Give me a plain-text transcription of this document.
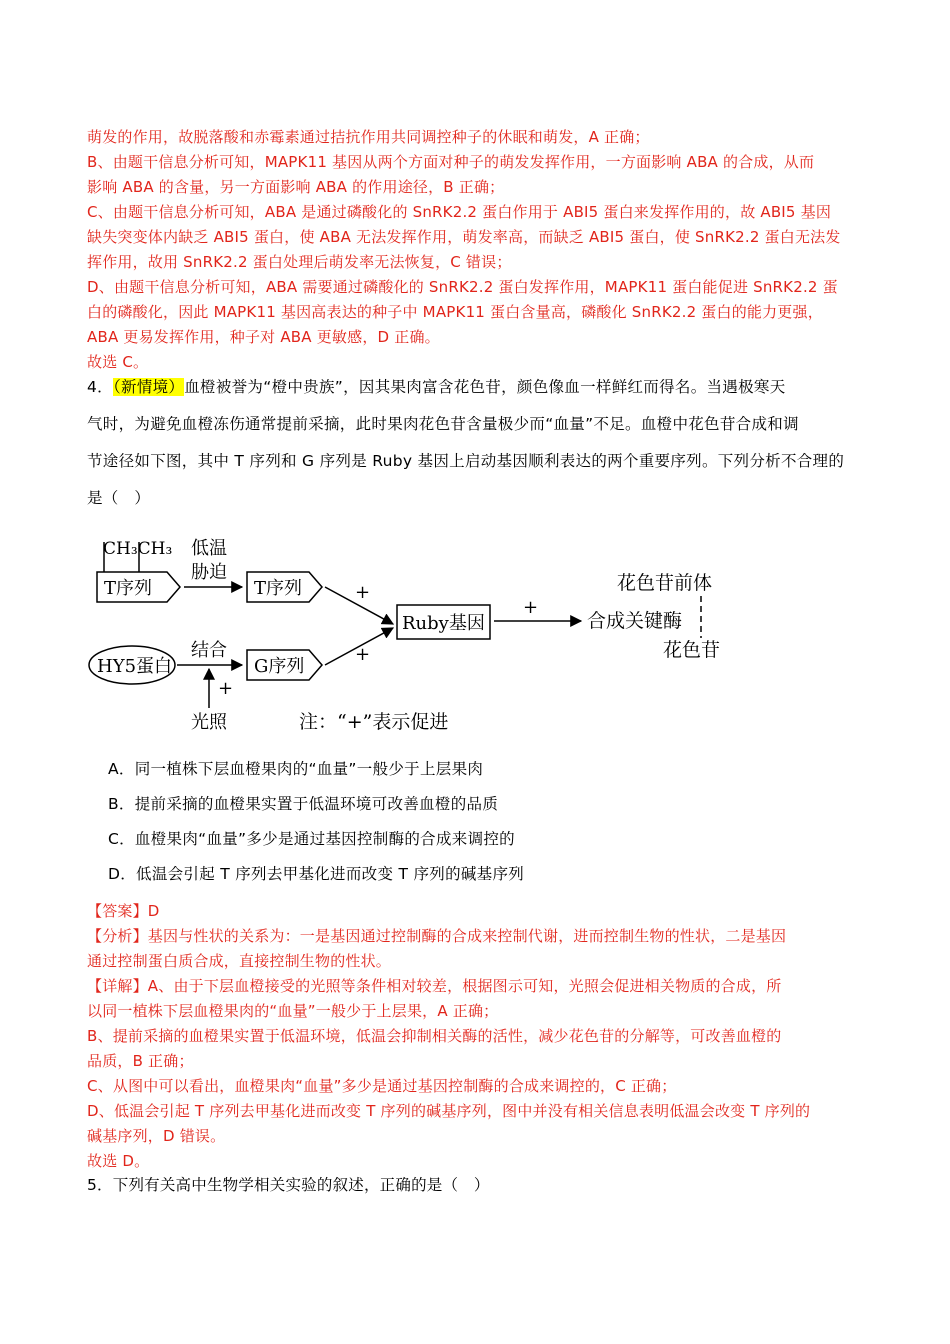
萌发的作用，故脱落酸和赤霉素通过拮抗作用共同调控种子的休眠和萌发，A 正确；
B、由题干信息分析可知，MAPK11 基因从两个方面对种子的萌发发挥作用，一方面影响 ABA 的合成，从而
影响 ABA 的含量，另一方面影响 ABA 的作用途径，B 正确；
C、由题干信息分析可知，ABA 是通过磷酸化的 SnRK2.2 蛋白作用于 ABI5 蛋白来发挥作用的，故 ABI5 基因
缺失突变体内缺乏 ABI5 蛋白，使 ABA 无法发挥作用，萌发率高，而缺乏 ABI5 蛋白，使 SnRK2.2 蛋白无法发
挥作用，故用 SnRK2.2 蛋白处理后萌发率无法恢复，C 错误；
D、由题干信息分析可知，ABA 需要通过磷酸化的 SnRK2.2 蛋白发挥作用，MAPK11 蛋白能促进 SnRK2.2 蛋
白的磷酸化，因此 MAPK11 基因高表达的种子中 MAPK11 蛋白含量高，磷酸化 SnRK2.2 蛋白的能力更强，
ABA 更易发挥作用，种子对 ABA 更敏感，D 正确。
故选 C。
4．（新情境）血橙被誉为“橙中贵族”，因其果肉富含花色苷，颜色像血一样鲜红而得名。当遇极寒天
气时，为避免血橙冻伤通常提前采摘，此时果肉花色苷含量极少而“血量”不足。血橙中花色苷合成和调
节途径如下图，其中 T 序列和 G 序列是 Ruby 基因上启动基因顺利表达的两个重要序列。下列分析不合理的
是（　）
CH₃CH₃
T序列
低温
胁迫
T序列
HY5蛋白
结合
G序列
+
光照
+
+
Ruby基因
+
合成关键酶
花色苷前体
花色苷
注：“+”表示促进
A．同一植株下层血橙果肉的“血量”一般少于上层果肉
B．提前采摘的血橙果实置于低温环境可改善血橙的品质
C．血橙果肉“血量”多少是通过基因控制酶的合成来调控的
D．低温会引起 T 序列去甲基化进而改变 T 序列的碱基序列
【答案】D
【分析】基因与性状的关系为：一是基因通过控制酶的合成来控制代谢，进而控制生物的性状，二是基因
通过控制蛋白质合成，直接控制生物的性状。
【详解】A、由于下层血橙接受的光照等条件相对较差，根据图示可知，光照会促进相关物质的合成，所
以同一植株下层血橙果肉的“血量”一般少于上层果，A 正确；
B、提前采摘的血橙果实置于低温环境，低温会抑制相关酶的活性，减少花色苷的分解等，可改善血橙的
品质，B 正确；
C、从图中可以看出，血橙果肉“血量”多少是通过基因控制酶的合成来调控的，C 正确；
D、低温会引起 T 序列去甲基化进而改变 T 序列的碱基序列，图中并没有相关信息表明低温会改变 T 序列的
碱基序列，D 错误。
故选 D。
5．下列有关高中生物学相关实验的叙述，正确的是（　）
